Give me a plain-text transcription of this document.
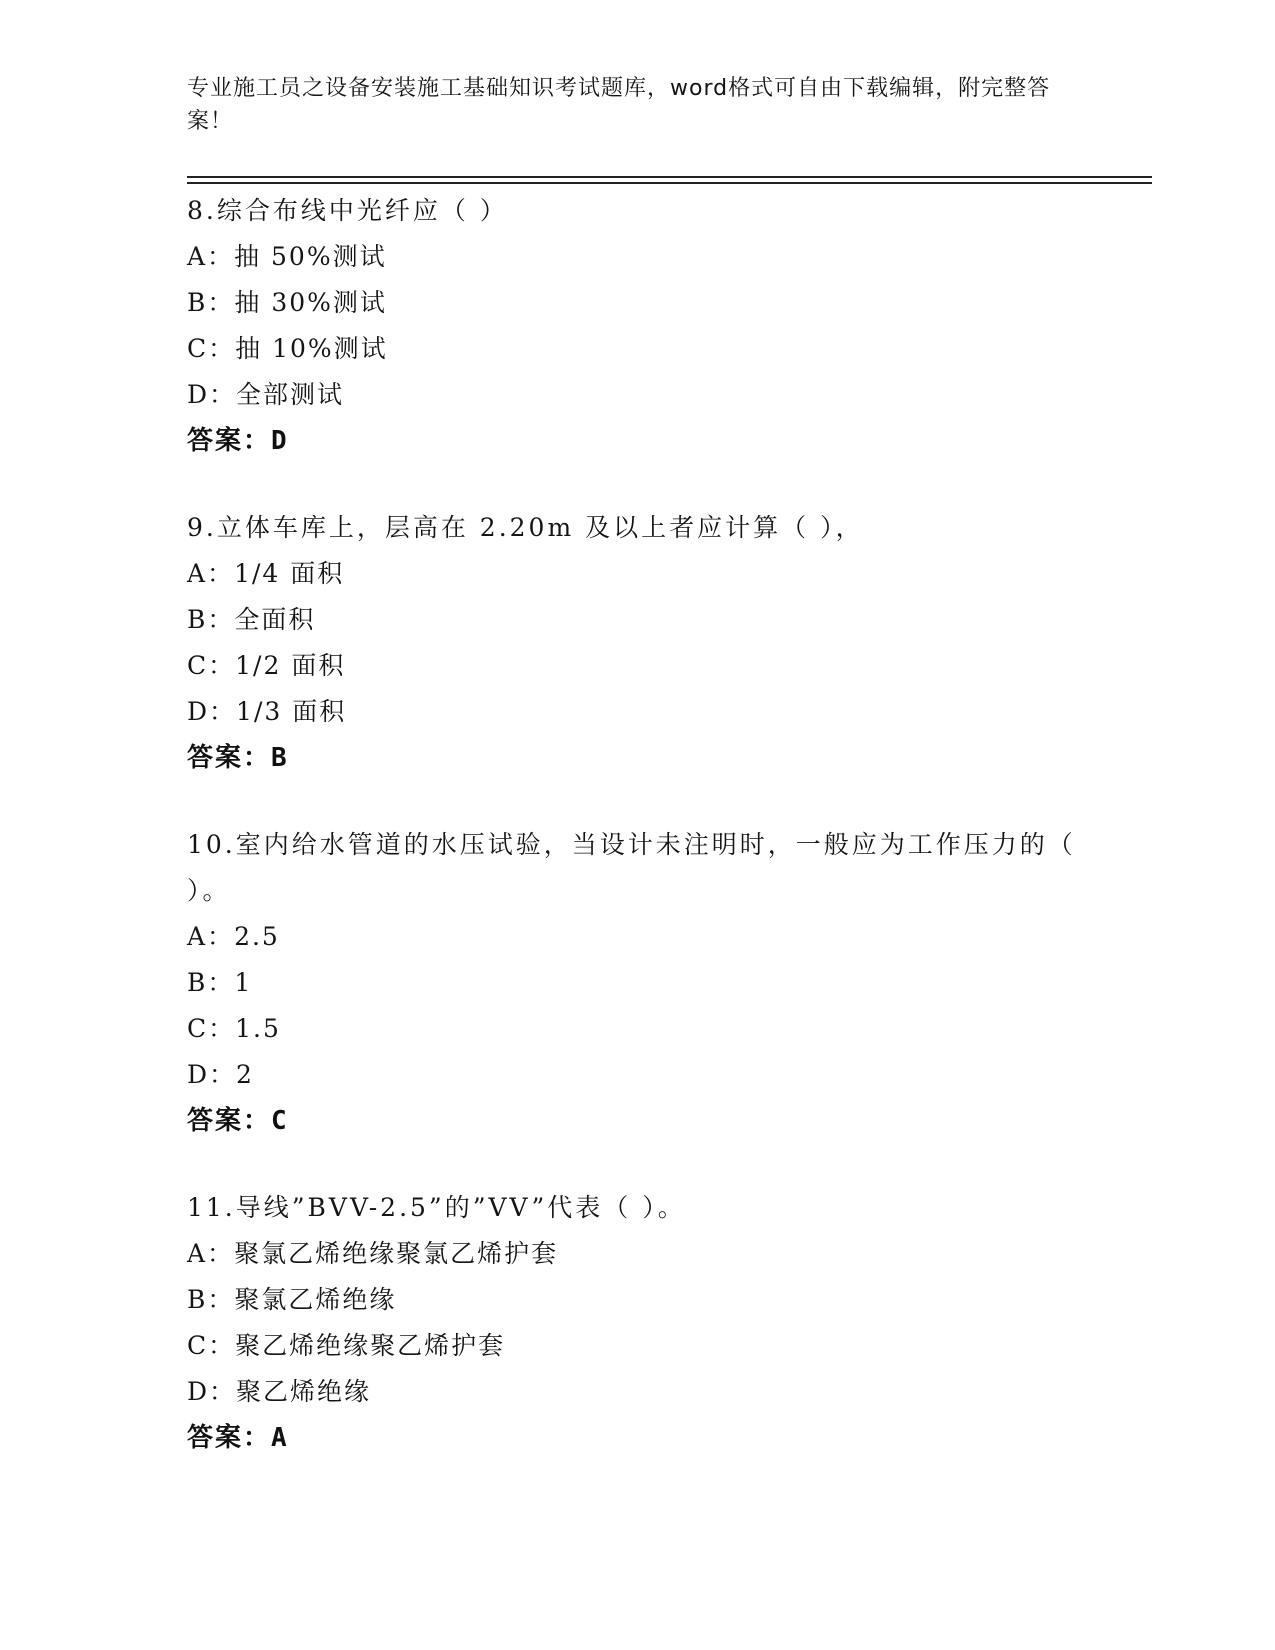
专业施工员之设备安装施工基础知识考试题库，word格式可自由下载编辑，附完整答案！
8.综合布线中光纤应（ ）
A：抽 50%测试
B：抽 30%测试
C：抽 10%测试
D：全部测试
答案：D
9.立体车库上，层高在 2.20m 及以上者应计算（ ），
A：1/4 面积
B：全面积
C：1/2 面积
D：1/3 面积
答案：B
10.室内给水管道的水压试验，当设计未注明时，一般应为工作压力的（ ）。
A：2.5
B：1
C：1.5
D：2
答案：C
11.导线”BVV-2.5”的”VV”代表（ ）。
A：聚氯乙烯绝缘聚氯乙烯护套
B：聚氯乙烯绝缘
C：聚乙烯绝缘聚乙烯护套
D：聚乙烯绝缘
答案：A
